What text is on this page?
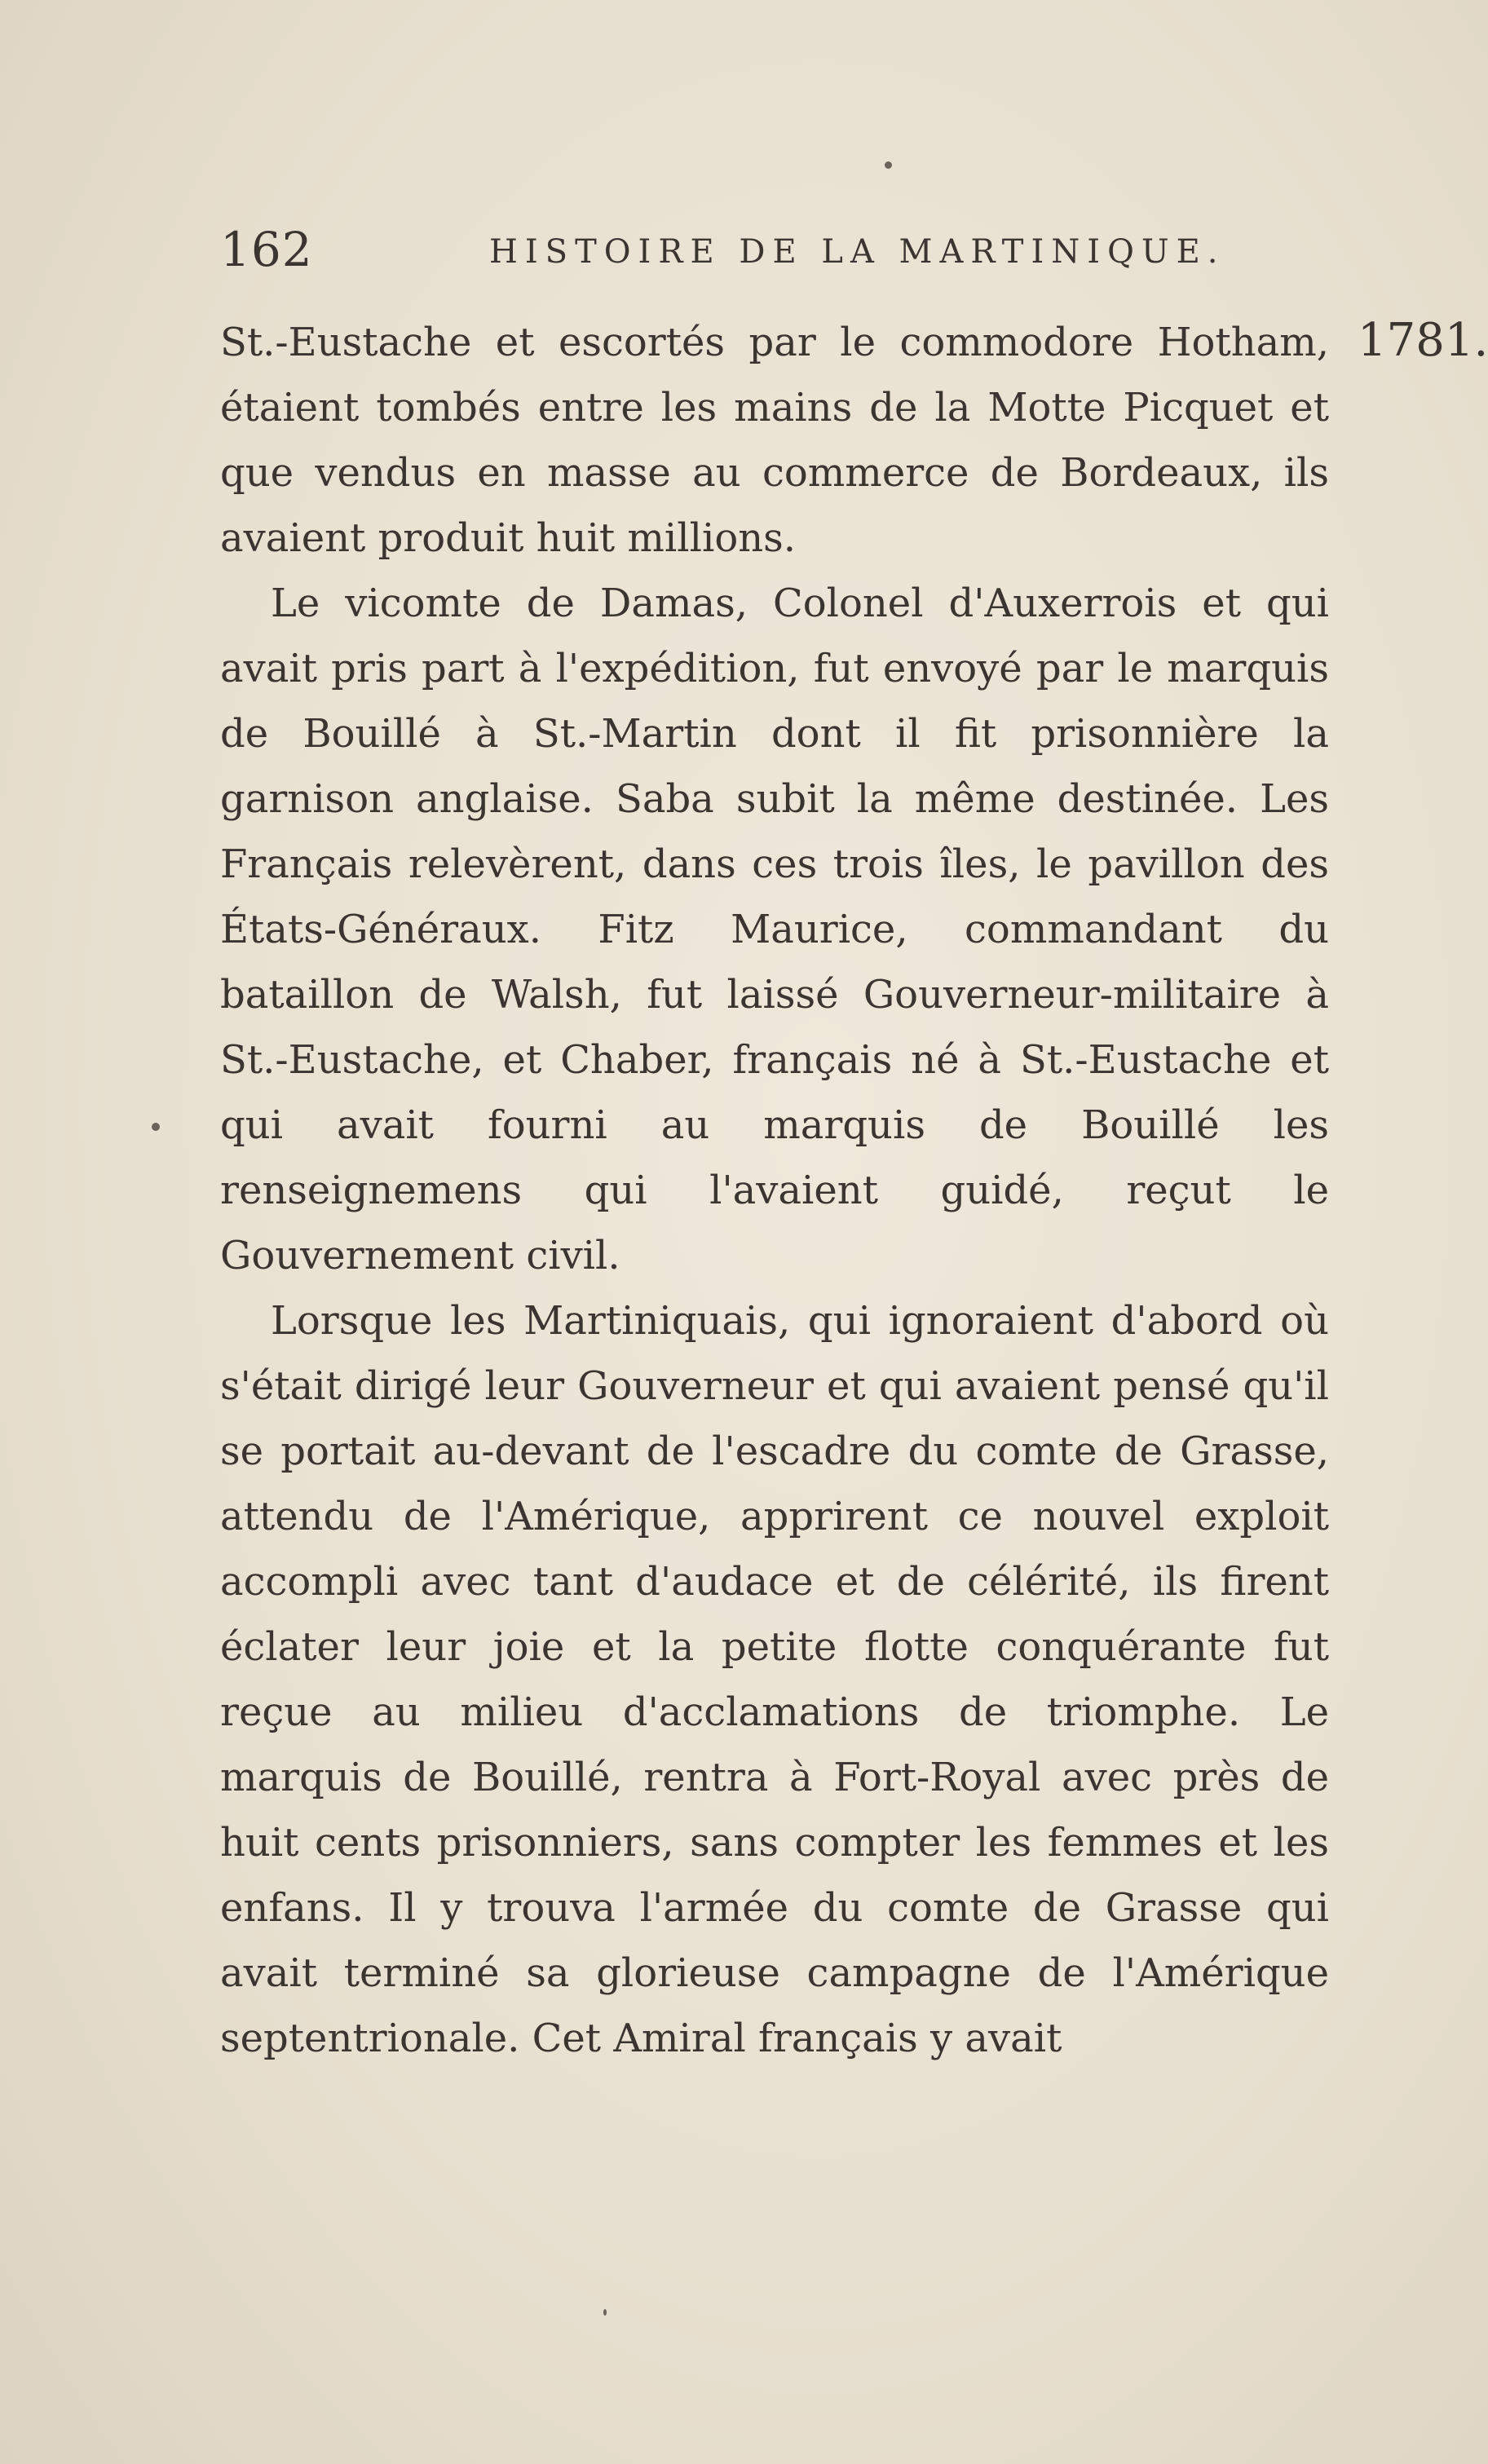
162	HISTOIRE DE LA MARTINIQUE.
1781.

St.-Eustache et escortés par le commodore Hotham, étaient tombés entre les mains de la Motte Picquet et que vendus en masse au commerce de Bordeaux, ils avaient produit huit millions.

Le vicomte de Damas, Colonel d'Auxerrois et qui avait pris part à l'expédition, fut envoyé par le marquis de Bouillé à St.-Martin dont il fit prisonnière la garnison anglaise. Saba subit la même destinée. Les Français relevèrent, dans ces trois îles, le pavillon des États-Généraux. Fitz Maurice, commandant du bataillon de Walsh, fut laissé Gouverneur-militaire à St.-Eustache, et Chaber, français né à St.-Eustache et qui avait fourni au marquis de Bouillé les renseignemens qui l'avaient guidé, reçut le Gouvernement civil.

Lorsque les Martiniquais, qui ignoraient d'abord où s'était dirigé leur Gouverneur et qui avaient pensé qu'il se portait au-devant de l'escadre du comte de Grasse, attendu de l'Amérique, apprirent ce nouvel exploit accompli avec tant d'audace et de célérité, ils firent éclater leur joie et la petite flotte conquérante fut reçue au milieu d'acclamations de triomphe. Le marquis de Bouillé, rentra à Fort-Royal avec près de huit cents prisonniers, sans compter les femmes et les enfans. Il y trouva l'armée du comte de Grasse qui avait terminé sa glorieuse campagne de l'Amérique septentrionale. Cet Amiral français y avait
